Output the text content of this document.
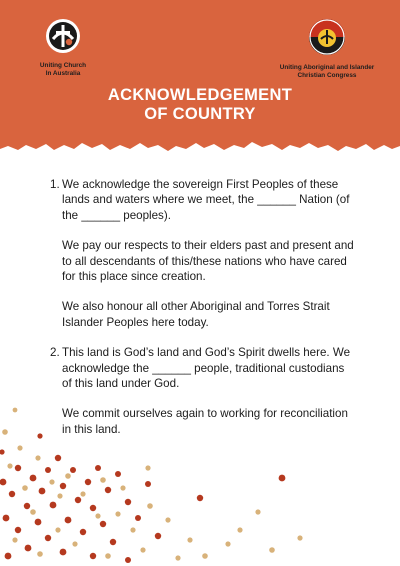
Uniting Church
In Australia
Uniting Aboriginal and Islander
Christian Congress
ACKNOWLEDGEMENT
OF COUNTRY
1. We acknowledge the sovereign First Peoples of these lands and waters where we meet, the ______ Nation (of the ______ peoples).
We pay our respects to their elders past and present and to all descendants of this/these nations who have cared for this place since creation.
We also honour all other Aboriginal and Torres Strait Islander Peoples here today.
2. This land is God’s land and God’s Spirit dwells here. We acknowledge the ______ people, traditional custodians of this land under God.
We commit ourselves again to working for reconciliation in this land.
